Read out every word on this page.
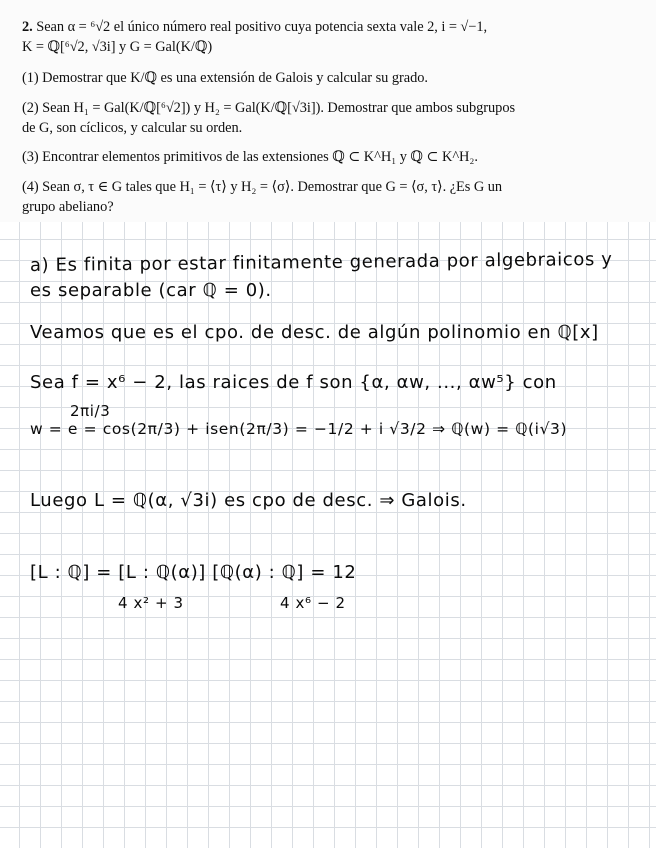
2. Sean α = ⁶√2 el único número real positivo cuya potencia sexta vale 2, i = √−1,
K = ℚ[⁶√2, √3i] y G = Gal(K/ℚ)
(1) Demostrar que K/ℚ es una extensión de Galois y calcular su grado.
(2) Sean H₁ = Gal(K/ℚ[⁶√2]) y H₂ = Gal(K/ℚ[√3i]). Demostrar que ambos subgrupos
de G, son cíclicos, y calcular su orden.
(3) Encontrar elementos primitivos de las extensiones ℚ ⊂ K^H₁ y ℚ ⊂ K^H₂.
(4) Sean σ, τ ∈ G tales que H₁ = ⟨τ⟩ y H₂ = ⟨σ⟩. Demostrar que G = ⟨σ, τ⟩. ¿Es G un
grupo abeliano?
a) Es finita por estar finitamente generada por algebraicos y
es separable (car ℚ = 0).
Veamos que es el cpo. de desc. de algún polinomio en ℚ[x]
Sea f = x⁶ − 2, las raices de f son {α, αw, ..., αw⁵} con
2πi/3
w = e = cos(2π/3) + isen(2π/3) = −1/2 + i √3/2 ⇒ ℚ(w) = ℚ(i√3)
Luego L = ℚ(α, √3i) es cpo de desc. ⇒ Galois.
[L : ℚ] = [L : ℚ(α)] [ℚ(α) : ℚ] = 12
4 x² + 3	4 x⁶ − 2
